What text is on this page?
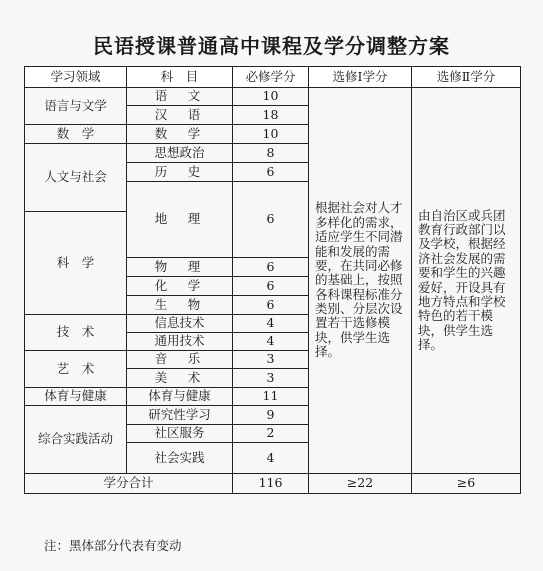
民语授课普通高中课程及学分调整方案
学习领域	科　目	必修学分	选修Ⅰ学分	选修Ⅱ学分
语言与文学	语　文	10	根据社会对人才多样化的需求，适应学生不同潜能和发展的需要，在共同必修的基础上，按照各科课程标准分类别、分层次设置若干选修模块，供学生选择。	由自治区或兵团教育行政部门以及学校，根据经济社会发展的需要和学生的兴趣爱好，开设具有地方特点和学校特色的若干模块，供学生选择。
	汉　语	18		
数　学	数　学	10		
人文与社会	思想政治	8		
	历　史	6		
	地　理	6		
科　学				
	物　理	6		
	化　学	6		
	生　物	6		
技　术	信息技术	4		
	通用技术	4		
艺　术	音　乐	3		
	美　术	3		
体育与健康	体育与健康	11		
综合实践活动	研究性学习	9		
	社区服务	2		

	社会实践	4		

学分合计		116	≥22	≥6
注：黑体部分代表有变动
